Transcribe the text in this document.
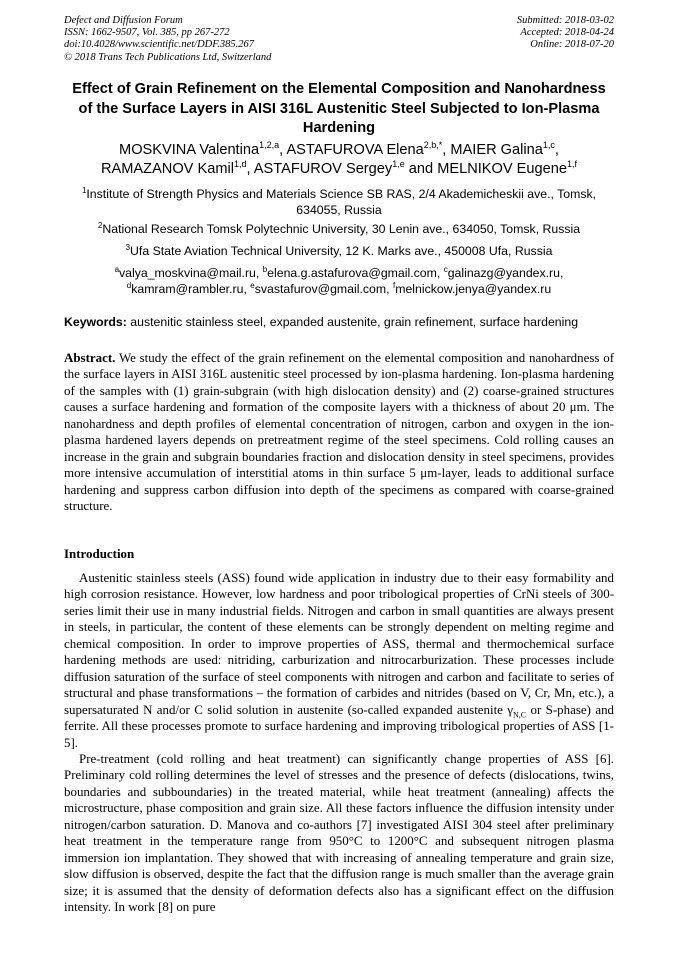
Defect and Diffusion Forum
ISSN: 1662-9507, Vol. 385, pp 267-272
doi:10.4028/www.scientific.net/DDF.385.267
© 2018 Trans Tech Publications Ltd, Switzerland
Submitted: 2018-03-02
Accepted: 2018-04-24
Online: 2018-07-20
Effect of Grain Refinement on the Elemental Composition and Nanohardness of the Surface Layers in AISI 316L Austenitic Steel Subjected to Ion-Plasma Hardening
MOSKVINA Valentina$^{1,2,a}$, ASTAFUROVA Elena$^{2,b,*}$, MAIER Galina$^{1,c}$,
RAMAZANOV Kamil$^{1,d}$, ASTAFUROV Sergey$^{1,e}$ and MELNIKOV Eugene$^{1,f}$
$^1$Institute of Strength Physics and Materials Science SB RAS, 2/4 Akademicheskii ave., Tomsk, 634055, Russia
$^2$National Research Tomsk Polytechnic University, 30 Lenin ave., 634050, Tomsk, Russia
$^3$Ufa State Aviation Technical University, 12 K. Marks ave., 450008 Ufa, Russia
$^a$valya_moskvina@mail.ru, $^b$elena.g.astafurova@gmail.com, $^c$galinazg@yandex.ru,
$^d$kamram@rambler.ru, $^e$svastafurov@gmail.com, $^f$melnickow.jenya@yandex.ru
Keywords: austenitic stainless steel, expanded austenite, grain refinement, surface hardening
Abstract. We study the effect of the grain refinement on the elemental composition and nanohardness of the surface layers in AISI 316L austenitic steel processed by ion-plasma hardening. Ion-plasma hardening of the samples with (1) grain-subgrain (with high dislocation density) and (2) coarse-grained structures causes a surface hardening and formation of the composite layers with a thickness of about 20 μm. The nanohardness and depth profiles of elemental concentration of nitrogen, carbon and oxygen in the ion-plasma hardened layers depends on pretreatment regime of the steel specimens. Cold rolling causes an increase in the grain and subgrain boundaries fraction and dislocation density in steel specimens, provides more intensive accumulation of interstitial atoms in thin surface 5 μm-layer, leads to additional surface hardening and suppress carbon diffusion into depth of the specimens as compared with coarse-grained structure.
Introduction
Austenitic stainless steels (ASS) found wide application in industry due to their easy formability and high corrosion resistance. However, low hardness and poor tribological properties of CrNi steels of 300-series limit their use in many industrial fields. Nitrogen and carbon in small quantities are always present in steels, in particular, the content of these elements can be strongly dependent on melting regime and chemical composition. In order to improve properties of ASS, thermal and thermochemical surface hardening methods are used: nitriding, carburization and nitrocarburization. These processes include diffusion saturation of the surface of steel components with nitrogen and carbon and facilitate to series of structural and phase transformations – the formation of carbides and nitrides (based on V, Cr, Mn, etc.), a supersaturated N and/or C solid solution in austenite (so-called expanded austenite $\gamma_{N,C}$ or S-phase) and ferrite. All these processes promote to surface hardening and improving tribological properties of ASS [1-5].
Pre-treatment (cold rolling and heat treatment) can significantly change properties of ASS [6]. Preliminary cold rolling determines the level of stresses and the presence of defects (dislocations, twins, boundaries and subboundaries) in the treated material, while heat treatment (annealing) affects the microstructure, phase composition and grain size. All these factors influence the diffusion intensity under nitrogen/carbon saturation. D. Manova and co-authors [7] investigated AISI 304 steel after preliminary heat treatment in the temperature range from 950°C to 1200°C and subsequent nitrogen plasma immersion ion implantation. They showed that with increasing of annealing temperature and grain size, slow diffusion is observed, despite the fact that the diffusion range is much smaller than the average grain size; it is assumed that the density of deformation defects also has a significant effect on the diffusion intensity. In work [8] on pure
